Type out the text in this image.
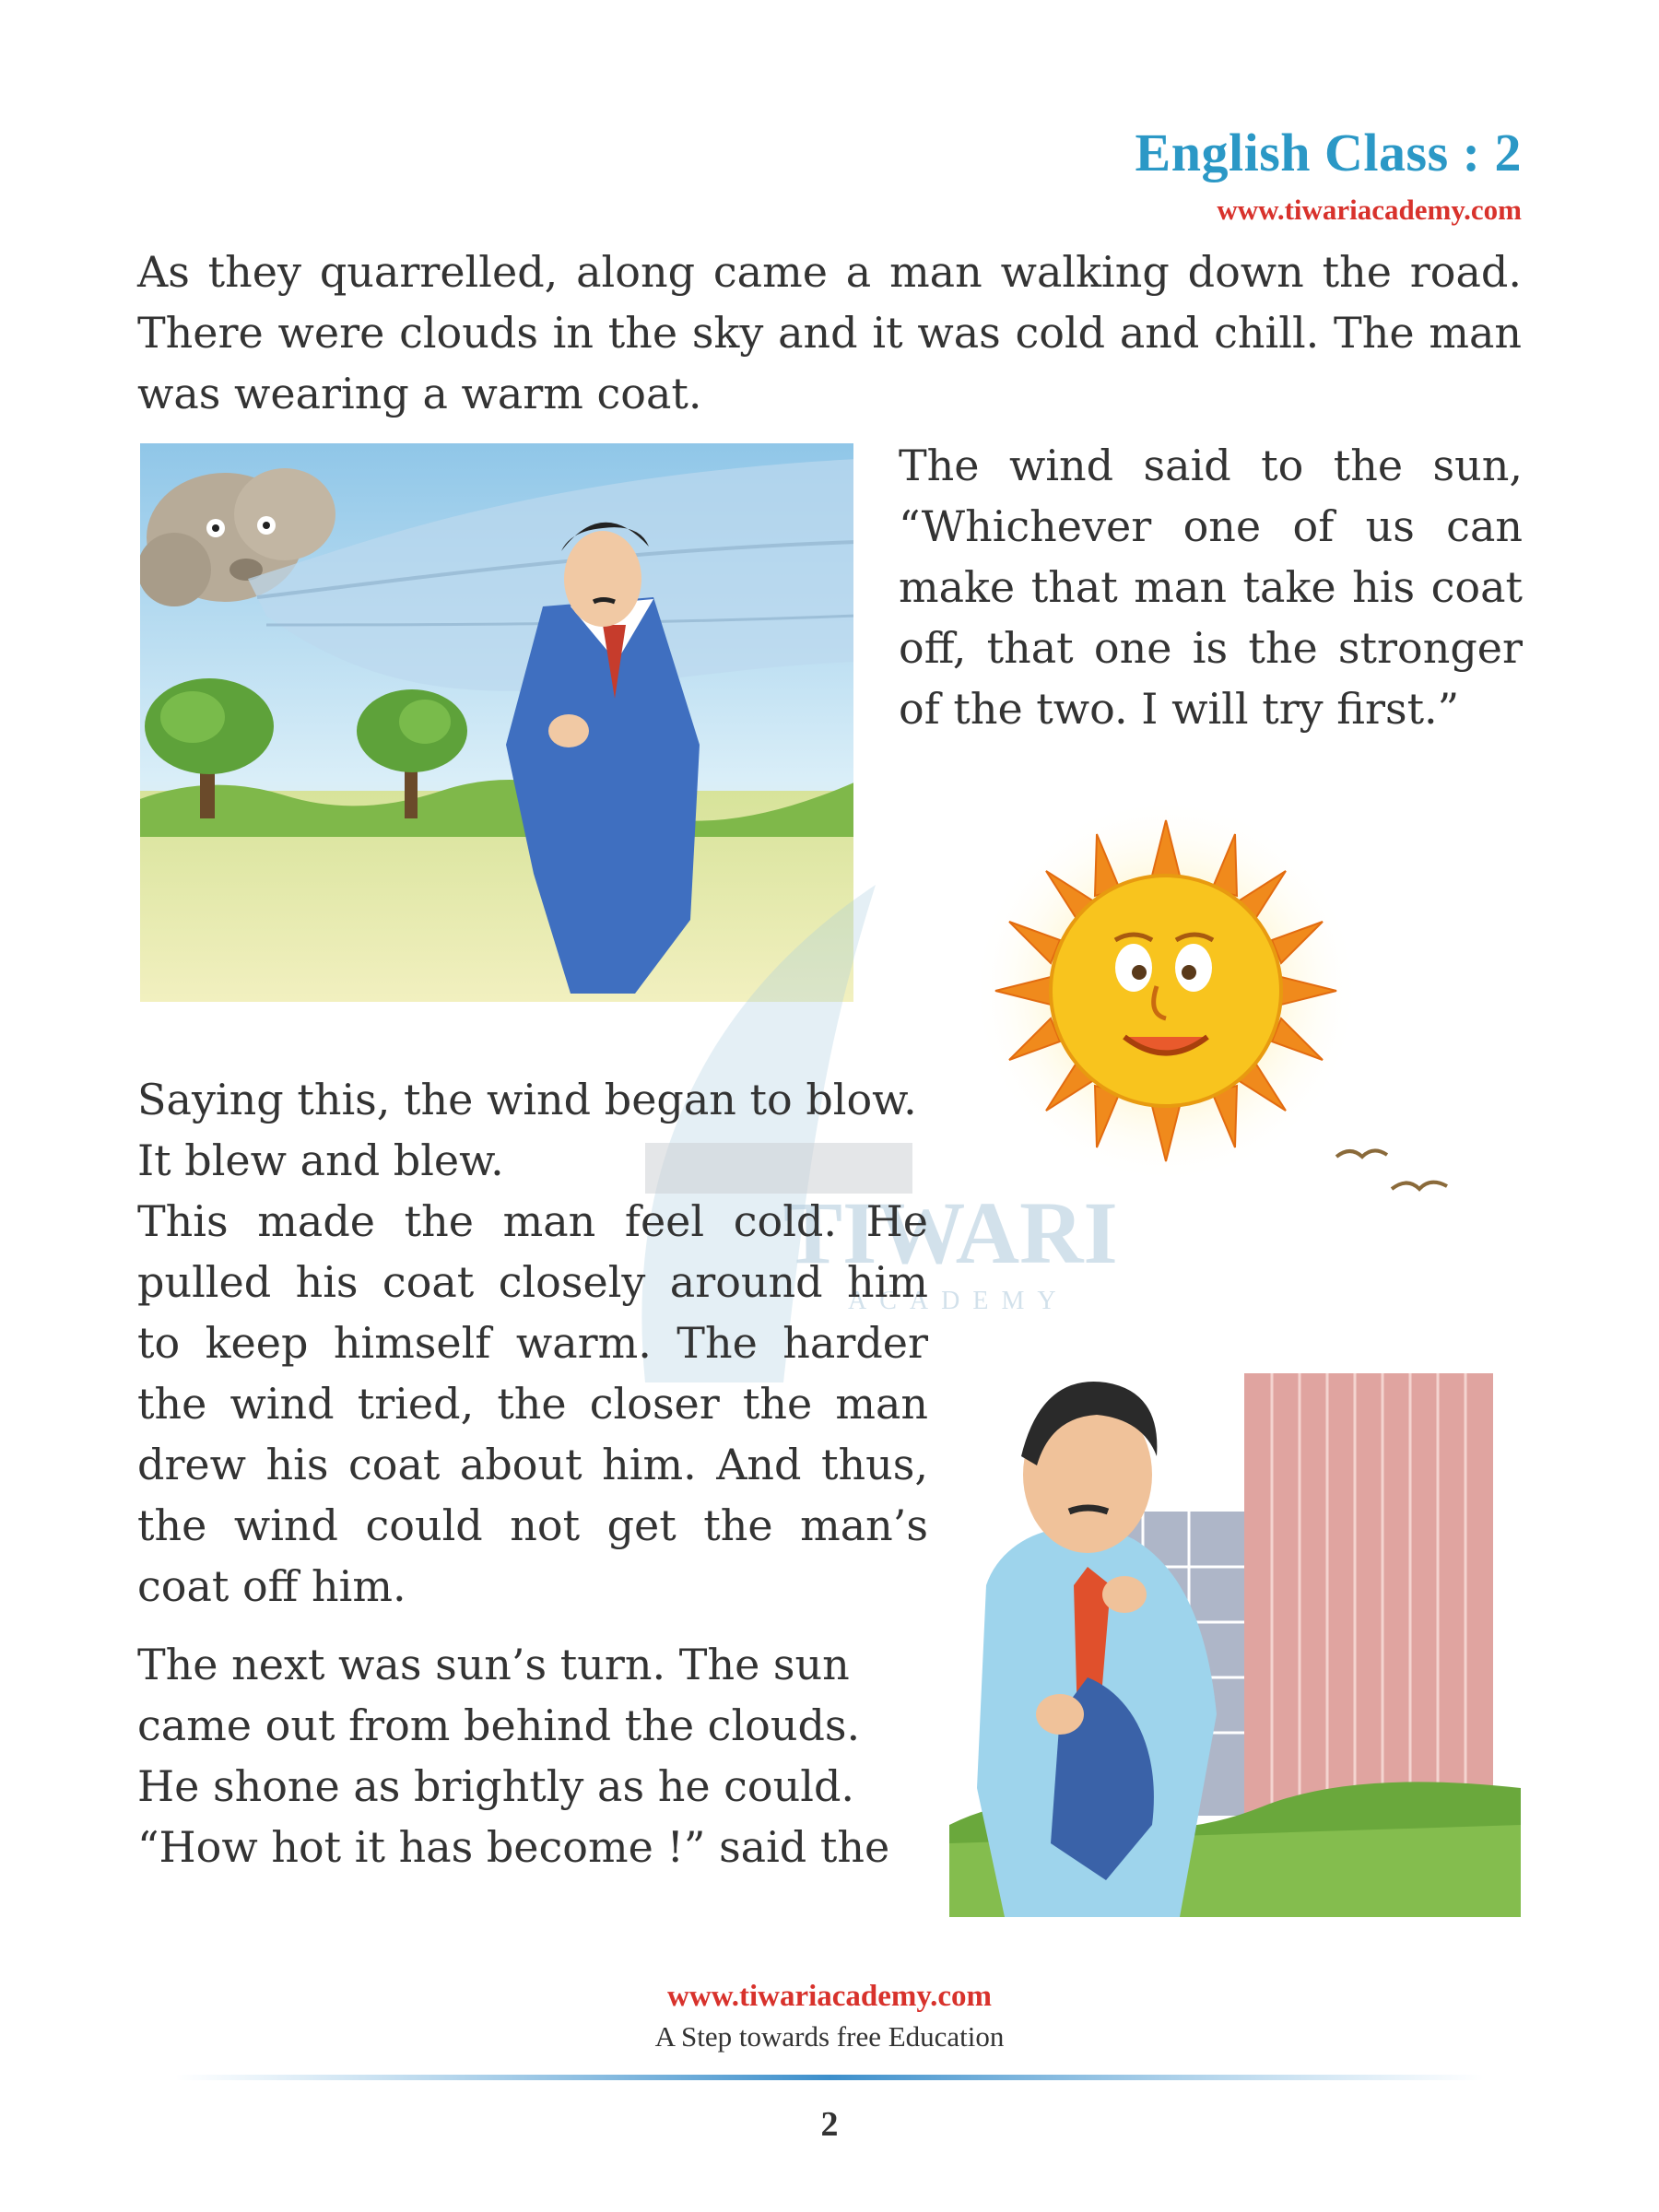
English Class : 2
www.tiwariacademy.com
As they quarrelled, along came a man walking down the road.
There were clouds in the sky and it was cold and chill. The man
was wearing a warm coat.
The wind said to the sun,
“Whichever one of us can
make that man take his coat
off, that one is the stronger
of the two. I will try first.”
TIWARI
ACADEMY
Saying this, the wind began to blow.
It blew and blew.
This made the man feel cold. He
pulled his coat closely around him
to keep himself warm. The harder
the wind tried, the closer the man
drew his coat about him. And thus,
the wind could not get the man’s
coat off him.
The next was sun’s turn. The sun
came out from behind the clouds.
He shone as brightly as he could.
“How hot it has become !” said the
www.tiwariacademy.com
A Step towards free Education
2
